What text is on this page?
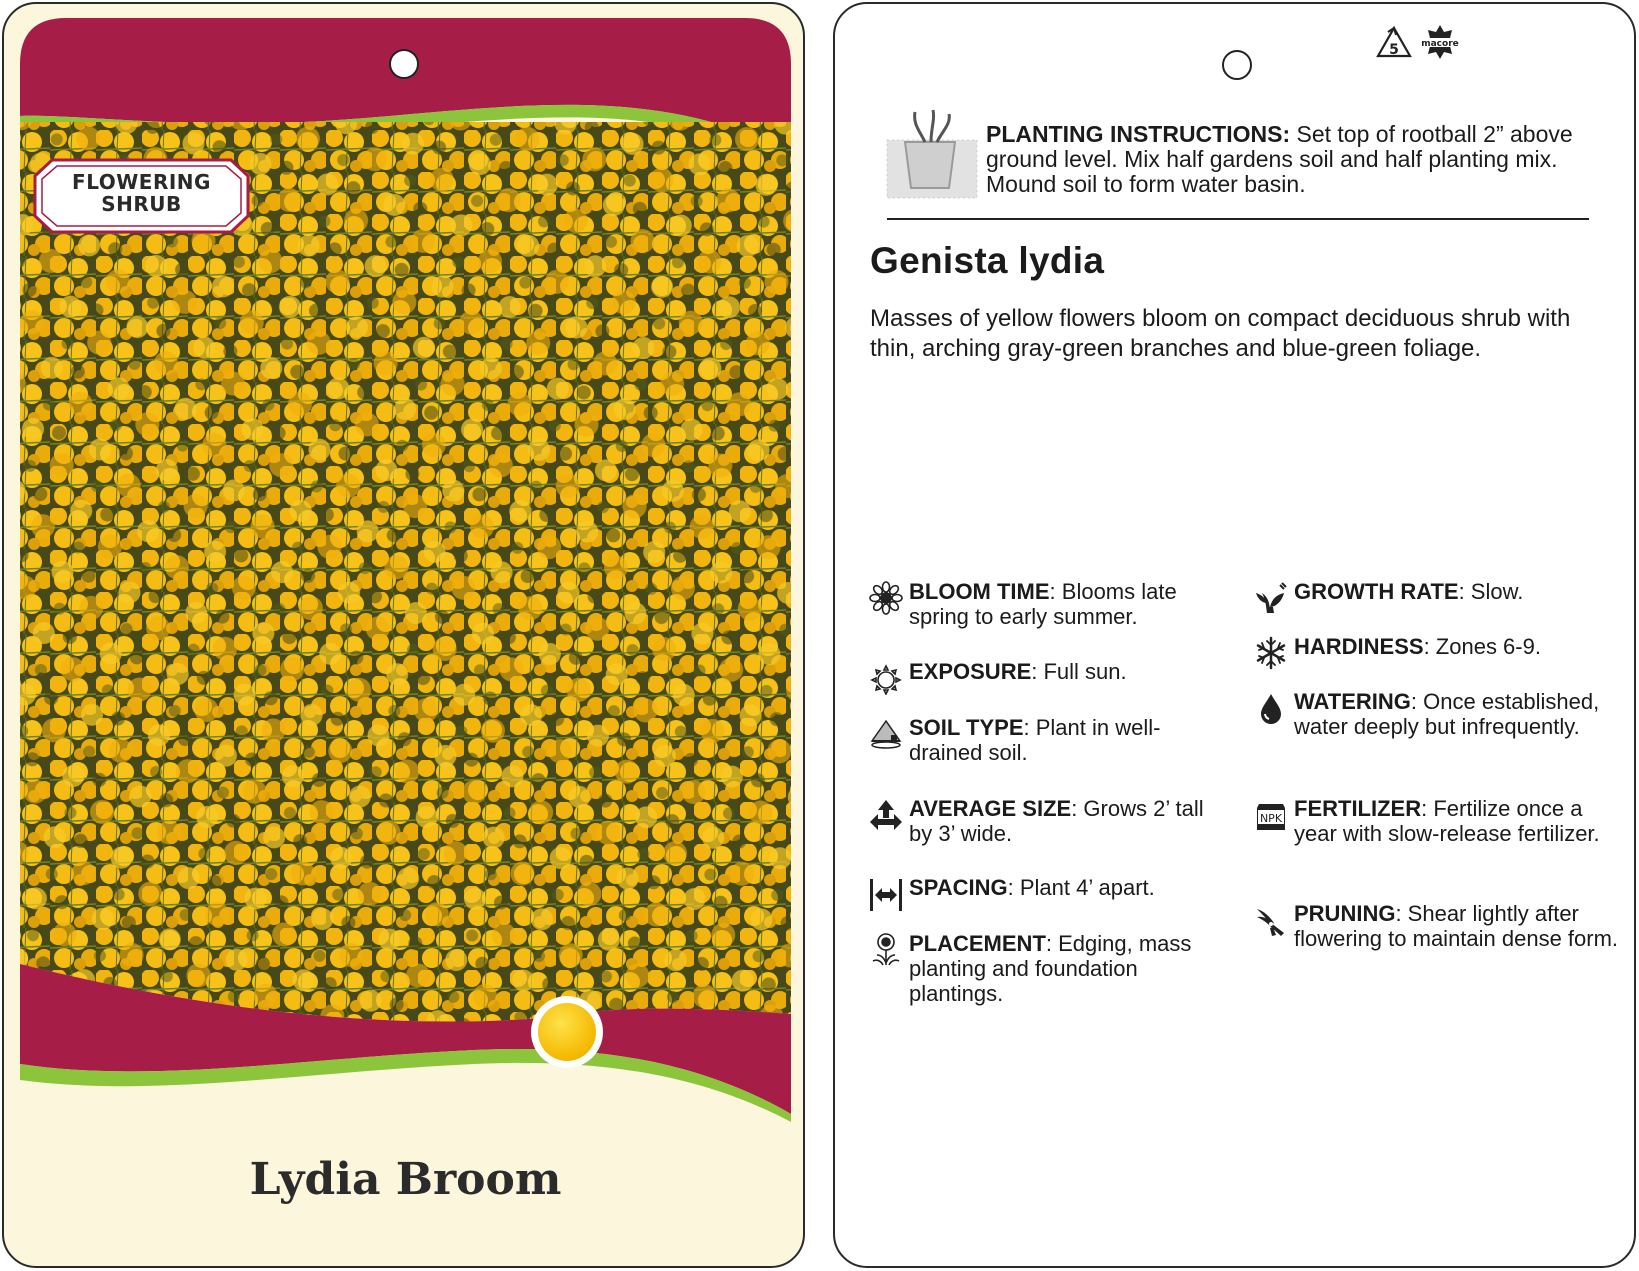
FLOWERING
SHRUB
Lydia Broom
5 macore
PLANTING INSTRUCTIONS: Set top of rootball 2” above ground level. Mix half gardens soil and half planting mix. Mound soil to form water basin.
Genista lydia
Masses of yellow flowers bloom on compact deciduous shrub with thin, arching gray-green branches and blue-green foliage.
BLOOM TIME: Blooms late spring to early summer.
EXPOSURE: Full sun.
SOIL TYPE: Plant in well-drained soil.
AVERAGE SIZE: Grows 2’ tall by 3’ wide.
SPACING: Plant 4’ apart.
PLACEMENT: Edging, mass planting and foundation plantings.
GROWTH RATE: Slow.
HARDINESS: Zones 6-9.
WATERING: Once established, water deeply but infrequently.
NPK FERTILIZER: Fertilize once a year with slow-release fertilizer.
PRUNING: Shear lightly after flowering to maintain dense form.
